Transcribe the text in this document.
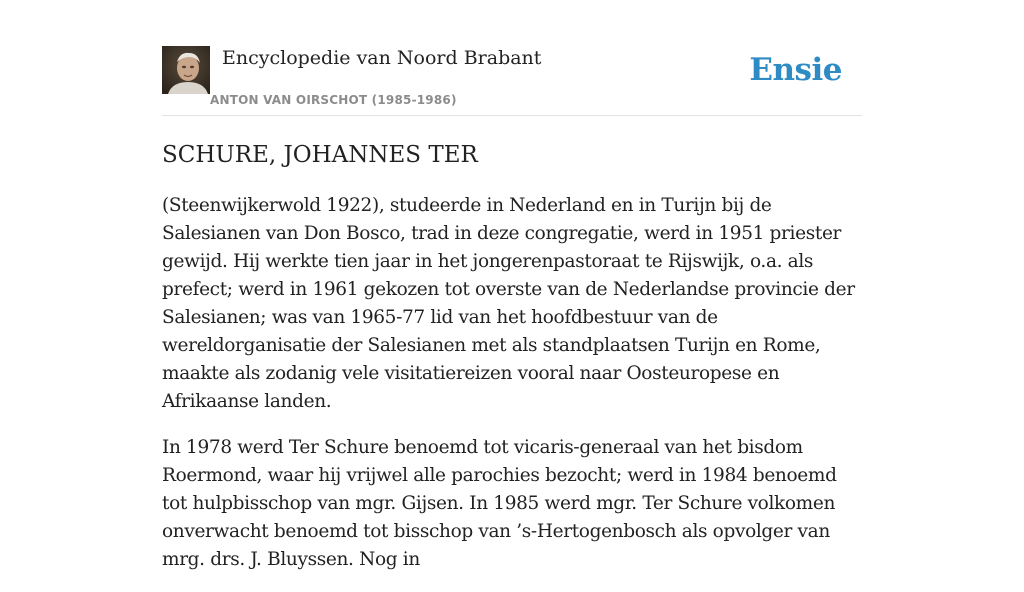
Encyclopedie van Noord Brabant
ANTON VAN OIRSCHOT (1985-1986)
Ensie
SCHURE, JOHANNES TER

(Steenwijkerwold 1922), studeerde in Nederland en in Turijn bij de Salesianen van Don Bosco, trad in deze congregatie, werd in 1951 priester gewijd. Hij werkte tien jaar in het jongerenpastoraat te Rijswijk, o.a. als prefect; werd in 1961 gekozen tot overste van de Nederlandse provincie der Salesianen; was van 1965-77 lid van het hoofdbestuur van de wereldorganisatie der Salesianen met als standplaatsen Turijn en Rome, maakte als zodanig vele visitatiereizen vooral naar Oosteuropese en Afrikaanse landen.

In 1978 werd Ter Schure benoemd tot vicaris-generaal van het bisdom Roermond, waar hij vrijwel alle parochies bezocht; werd in 1984 benoemd tot hulpbisschop van mgr. Gijsen. In 1985 werd mgr. Ter Schure volkomen onverwacht benoemd tot bisschop van ’s-Hertogenbosch als opvolger van mrg. drs. J. Bluyssen. Nog in
